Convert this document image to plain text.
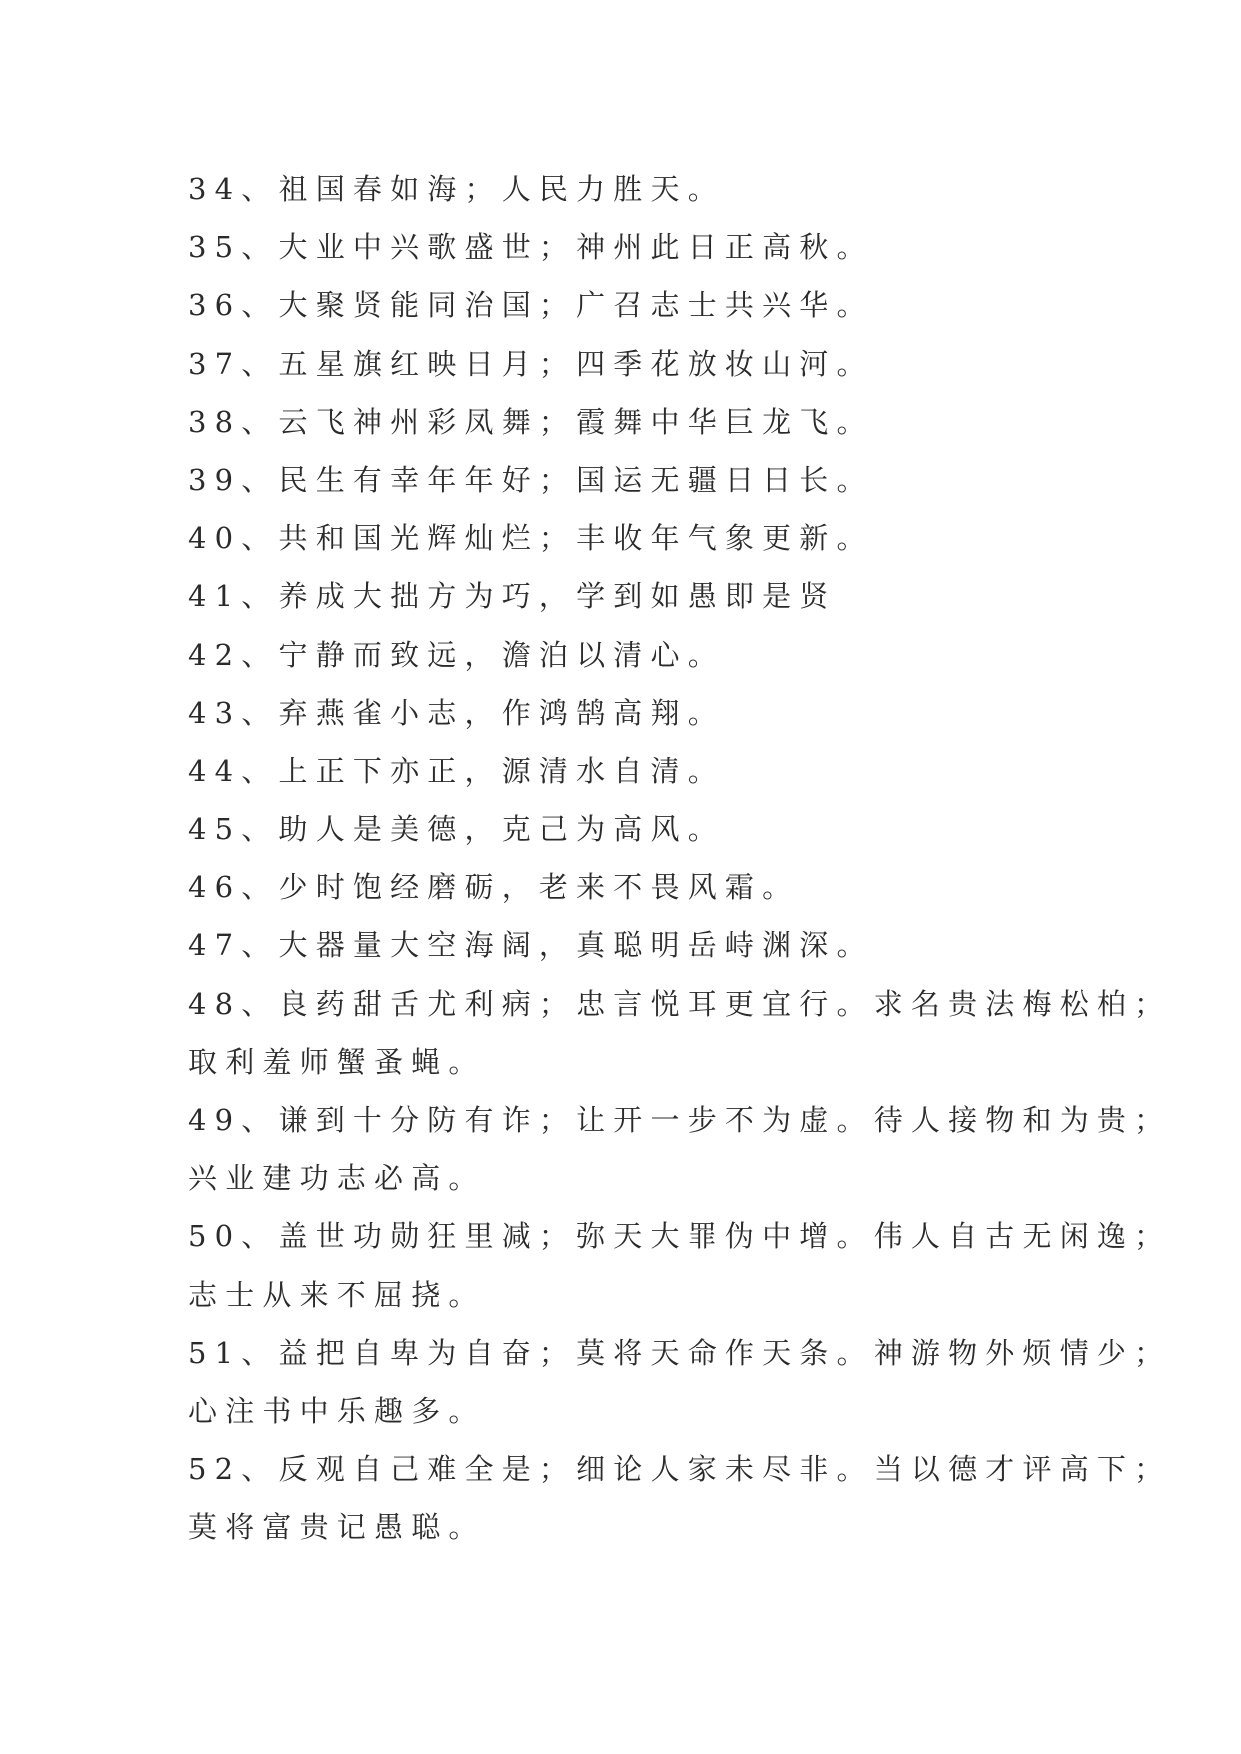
34、祖国春如海；人民力胜天。
35、大业中兴歌盛世；神州此日正高秋。
36、大聚贤能同治国；广召志士共兴华。
37、五星旗红映日月；四季花放妆山河。
38、云飞神州彩凤舞；霞舞中华巨龙飞。
39、民生有幸年年好；国运无疆日日长。
40、共和国光辉灿烂；丰收年气象更新。
41、养成大拙方为巧，学到如愚即是贤
42、宁静而致远，澹泊以清心。
43、弃燕雀小志，作鸿鹄高翔。
44、上正下亦正，源清水自清。
45、助人是美德，克己为高风。
46、少时饱经磨砺，老来不畏风霜。
47、大器量大空海阔，真聪明岳峙渊深。
48、良药甜舌尤利病；忠言悦耳更宜行。求名贵法梅松柏；
取利羞师蟹蚤蝇。
49、谦到十分防有诈；让开一步不为虚。待人接物和为贵；
兴业建功志必高。
50、盖世功勋狂里减；弥天大罪伪中增。伟人自古无闲逸；
志士从来不屈挠。
51、益把自卑为自奋；莫将天命作天条。神游物外烦情少；
心注书中乐趣多。
52、反观自己难全是；细论人家未尽非。当以德才评高下；
莫将富贵记愚聪。
